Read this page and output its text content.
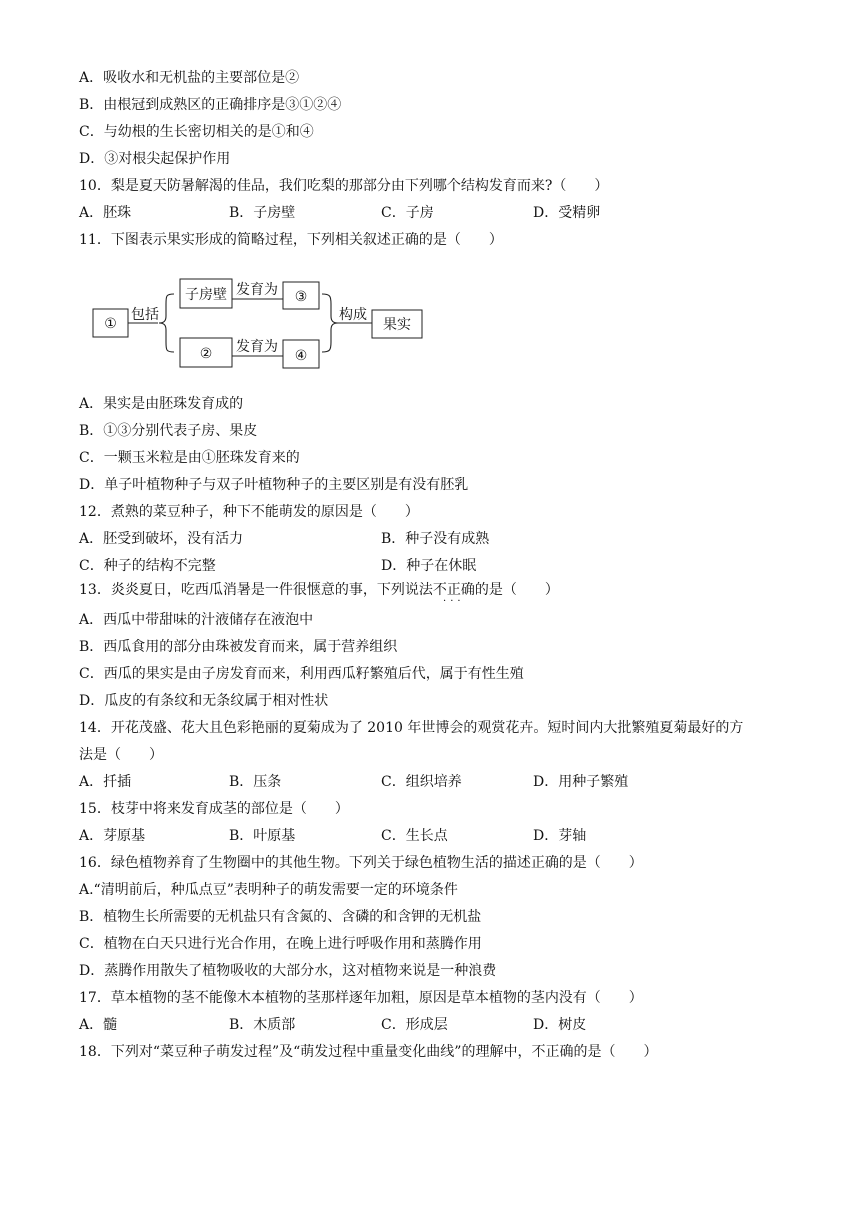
A．吸收水和无机盐的主要部位是②
B．由根冠到成熟区的正确排序是③①②④
C．与幼根的生长密切相关的是①和④
D．③对根尖起保护作用
10．梨是夏天防暑解渴的佳品，我们吃梨的那部分由下列哪个结构发育而来?（　　）
A．胚珠	B．子房壁	C．子房	D．受精卵
11．下图表示果实形成的简略过程，下列相关叙述正确的是（　　）
①
包括
子房壁 发育为 ③
② 发育为
④
构成
果实
A．果实是由胚珠发育成的
B．①③分别代表子房、果皮
C．一颗玉米粒是由①胚珠发育来的
D．单子叶植物种子与双子叶植物种子的主要区别是有没有胚乳
12．煮熟的菜豆种子，种下不能萌发的原因是（　　）
A．胚受到破坏，没有活力	B．种子没有成熟
C．种子的结构不完整	D．种子在休眠
13．炎炎夏日，吃西瓜消暑是一件很惬意的事，下列说法不正确
···
的是（　　）
A．西瓜中带甜味的汁液储存在液泡中
B．西瓜食用的部分由珠被发育而来，属于营养组织
C．西瓜的果实是由子房发育而来，利用西瓜籽繁殖后代，属于有性生殖
D．瓜皮的有条纹和无条纹属于相对性状
14．开花茂盛、花大且色彩艳丽的夏菊成为了 2010 年世博会的观赏花卉。短时间内大批繁殖夏菊最好的方
法是（　　）
A．扦插	B．压条	C．组织培养	D．用种子繁殖
15．枝芽中将来发育成茎的部位是（　　）
A．芽原基	B．叶原基	C．生长点	D．芽轴
16．绿色植物养育了生物圈中的其他生物。下列关于绿色植物生活的描述正确的是（　　）
A.“清明前后，种瓜点豆”表明种子的萌发需要一定的环境条件
B．植物生长所需要的无机盐只有含氮的、含磷的和含钾的无机盐
C．植物在白天只进行光合作用，在晚上进行呼吸作用和蒸腾作用
D．蒸腾作用散失了植物吸收的大部分水，这对植物来说是一种浪费
17．草本植物的茎不能像木本植物的茎那样逐年加粗，原因是草本植物的茎内没有（　　）
A．髓	B．木质部	C．形成层	D．树皮
18．下列对“菜豆种子萌发过程”及“萌发过程中重量变化曲线”的理解中，不正确的是（　　）
